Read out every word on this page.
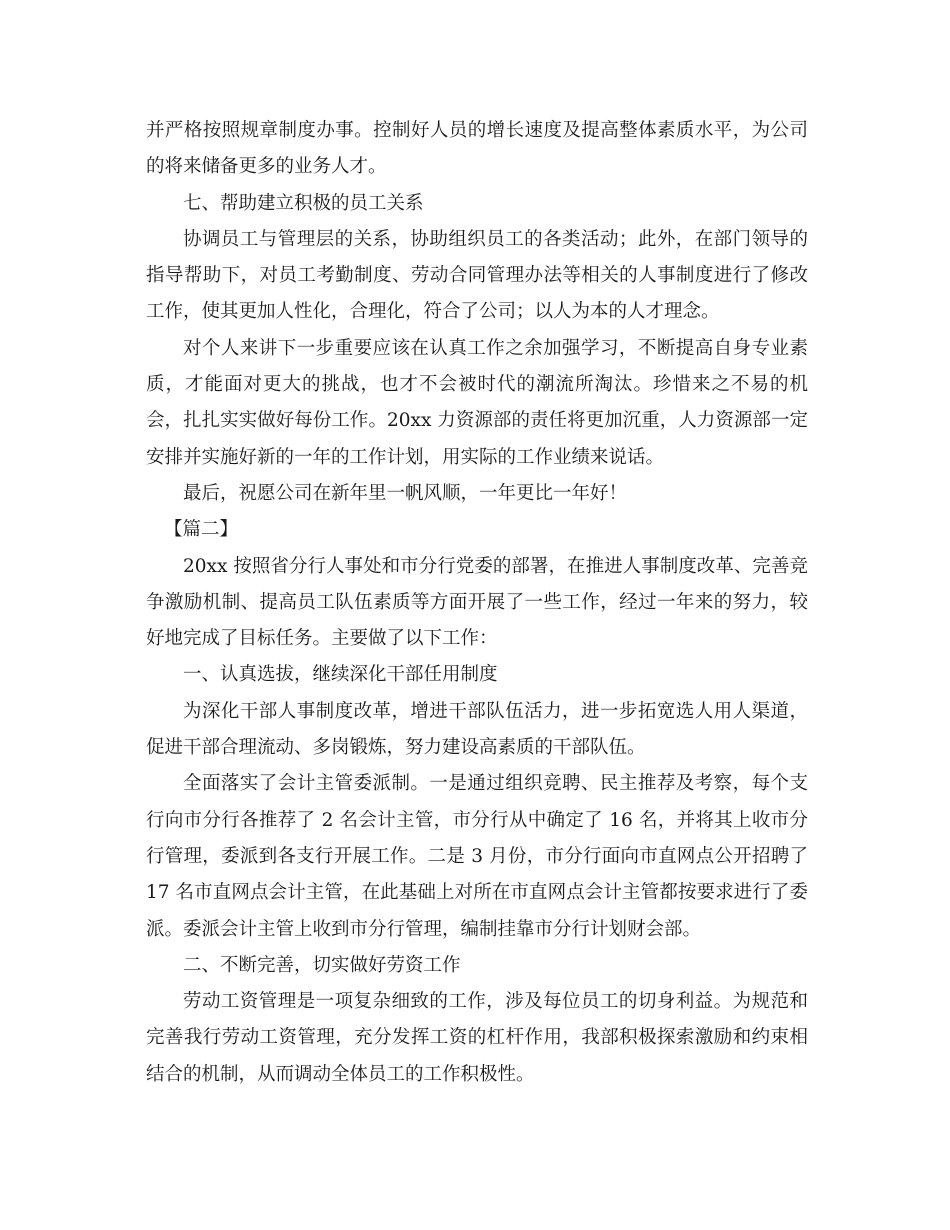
并严格按照规章制度办事。控制好人员的增长速度及提高整体素质水平，为公司的将来储备更多的业务人才。

七、帮助建立积极的员工关系

协调员工与管理层的关系，协助组织员工的各类活动；此外，在部门领导的指导帮助下，对员工考勤制度、劳动合同管理办法等相关的人事制度进行了修改工作，使其更加人性化，合理化，符合了公司；以人为本的人才理念。

对个人来讲下一步重要应该在认真工作之余加强学习，不断提高自身专业素质，才能面对更大的挑战，也才不会被时代的潮流所淘汰。珍惜来之不易的机会，扎扎实实做好每份工作。20xx 力资源部的责任将更加沉重，人力资源部一定安排并实施好新的一年的工作计划，用实际的工作业绩来说话。

最后，祝愿公司在新年里一帆风顺，一年更比一年好！

【篇二】

20xx 按照省分行人事处和市分行党委的部署，在推进人事制度改革、完善竞争激励机制、提高员工队伍素质等方面开展了一些工作，经过一年来的努力，较好地完成了目标任务。主要做了以下工作：

一、认真选拔，继续深化干部任用制度

为深化干部人事制度改革，增进干部队伍活力，进一步拓宽选人用人渠道，促进干部合理流动、多岗锻炼，努力建设高素质的干部队伍。

全面落实了会计主管委派制。一是通过组织竞聘、民主推荐及考察，每个支行向市分行各推荐了 2 名会计主管，市分行从中确定了 16 名，并将其上收市分行管理，委派到各支行开展工作。二是 3 月份，市分行面向市直网点公开招聘了 17 名市直网点会计主管，在此基础上对所在市直网点会计主管都按要求进行了委派。委派会计主管上收到市分行管理，编制挂靠市分行计划财会部。

二、不断完善，切实做好劳资工作

劳动工资管理是一项复杂细致的工作，涉及每位员工的切身利益。为规范和完善我行劳动工资管理，充分发挥工资的杠杆作用，我部积极探索激励和约束相结合的机制，从而调动全体员工的工作积极性。
